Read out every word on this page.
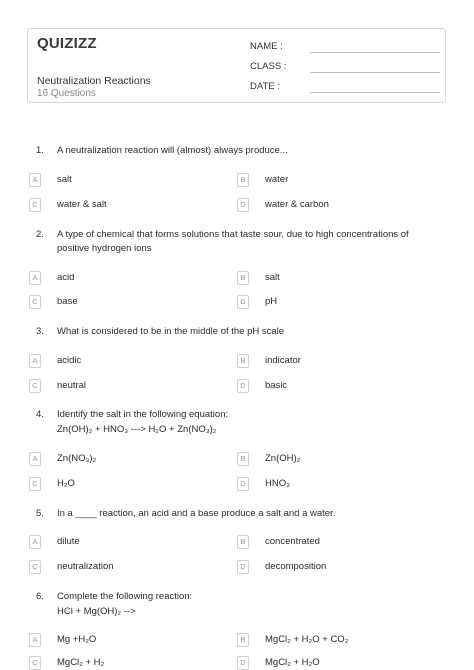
QUIZIZZ
Neutralization Reactions
16 Questions
NAME :
CLASS :
DATE :
1. A neutralization reaction will (almost) always produce...
A	salt	B	water
C	water & salt	D	water & carbon
2. A type of chemical that forms solutions that taste sour, due to high concentrations of positive hydrogen ions
A	acid	B	salt
C	base	D	pH
3. What is considered to be in the middle of the pH scale
A	acidic	B	indicator
C	neutral	D	basic
4. Identify the salt in the following equation:
Zn(OH)₂ + HNO₃ ---> H₂O + Zn(NO₃)₂
A	Zn(NO₃)₂	B	Zn(OH)₂
C	H₂O	D	HNO₃
5. In a ____ reaction, an acid and a base produce a salt and a water.
A	dilute	B	concentrated
C	neutralization	D	decomposition
6. Complete the following reaction:
HCl + Mg(OH)₂ -->
A	Mg +H₂O	B	MgCl₂ + H₂O + CO₂
C	MgCl₂ + H₂	D	MgCl₂ + H₂O
